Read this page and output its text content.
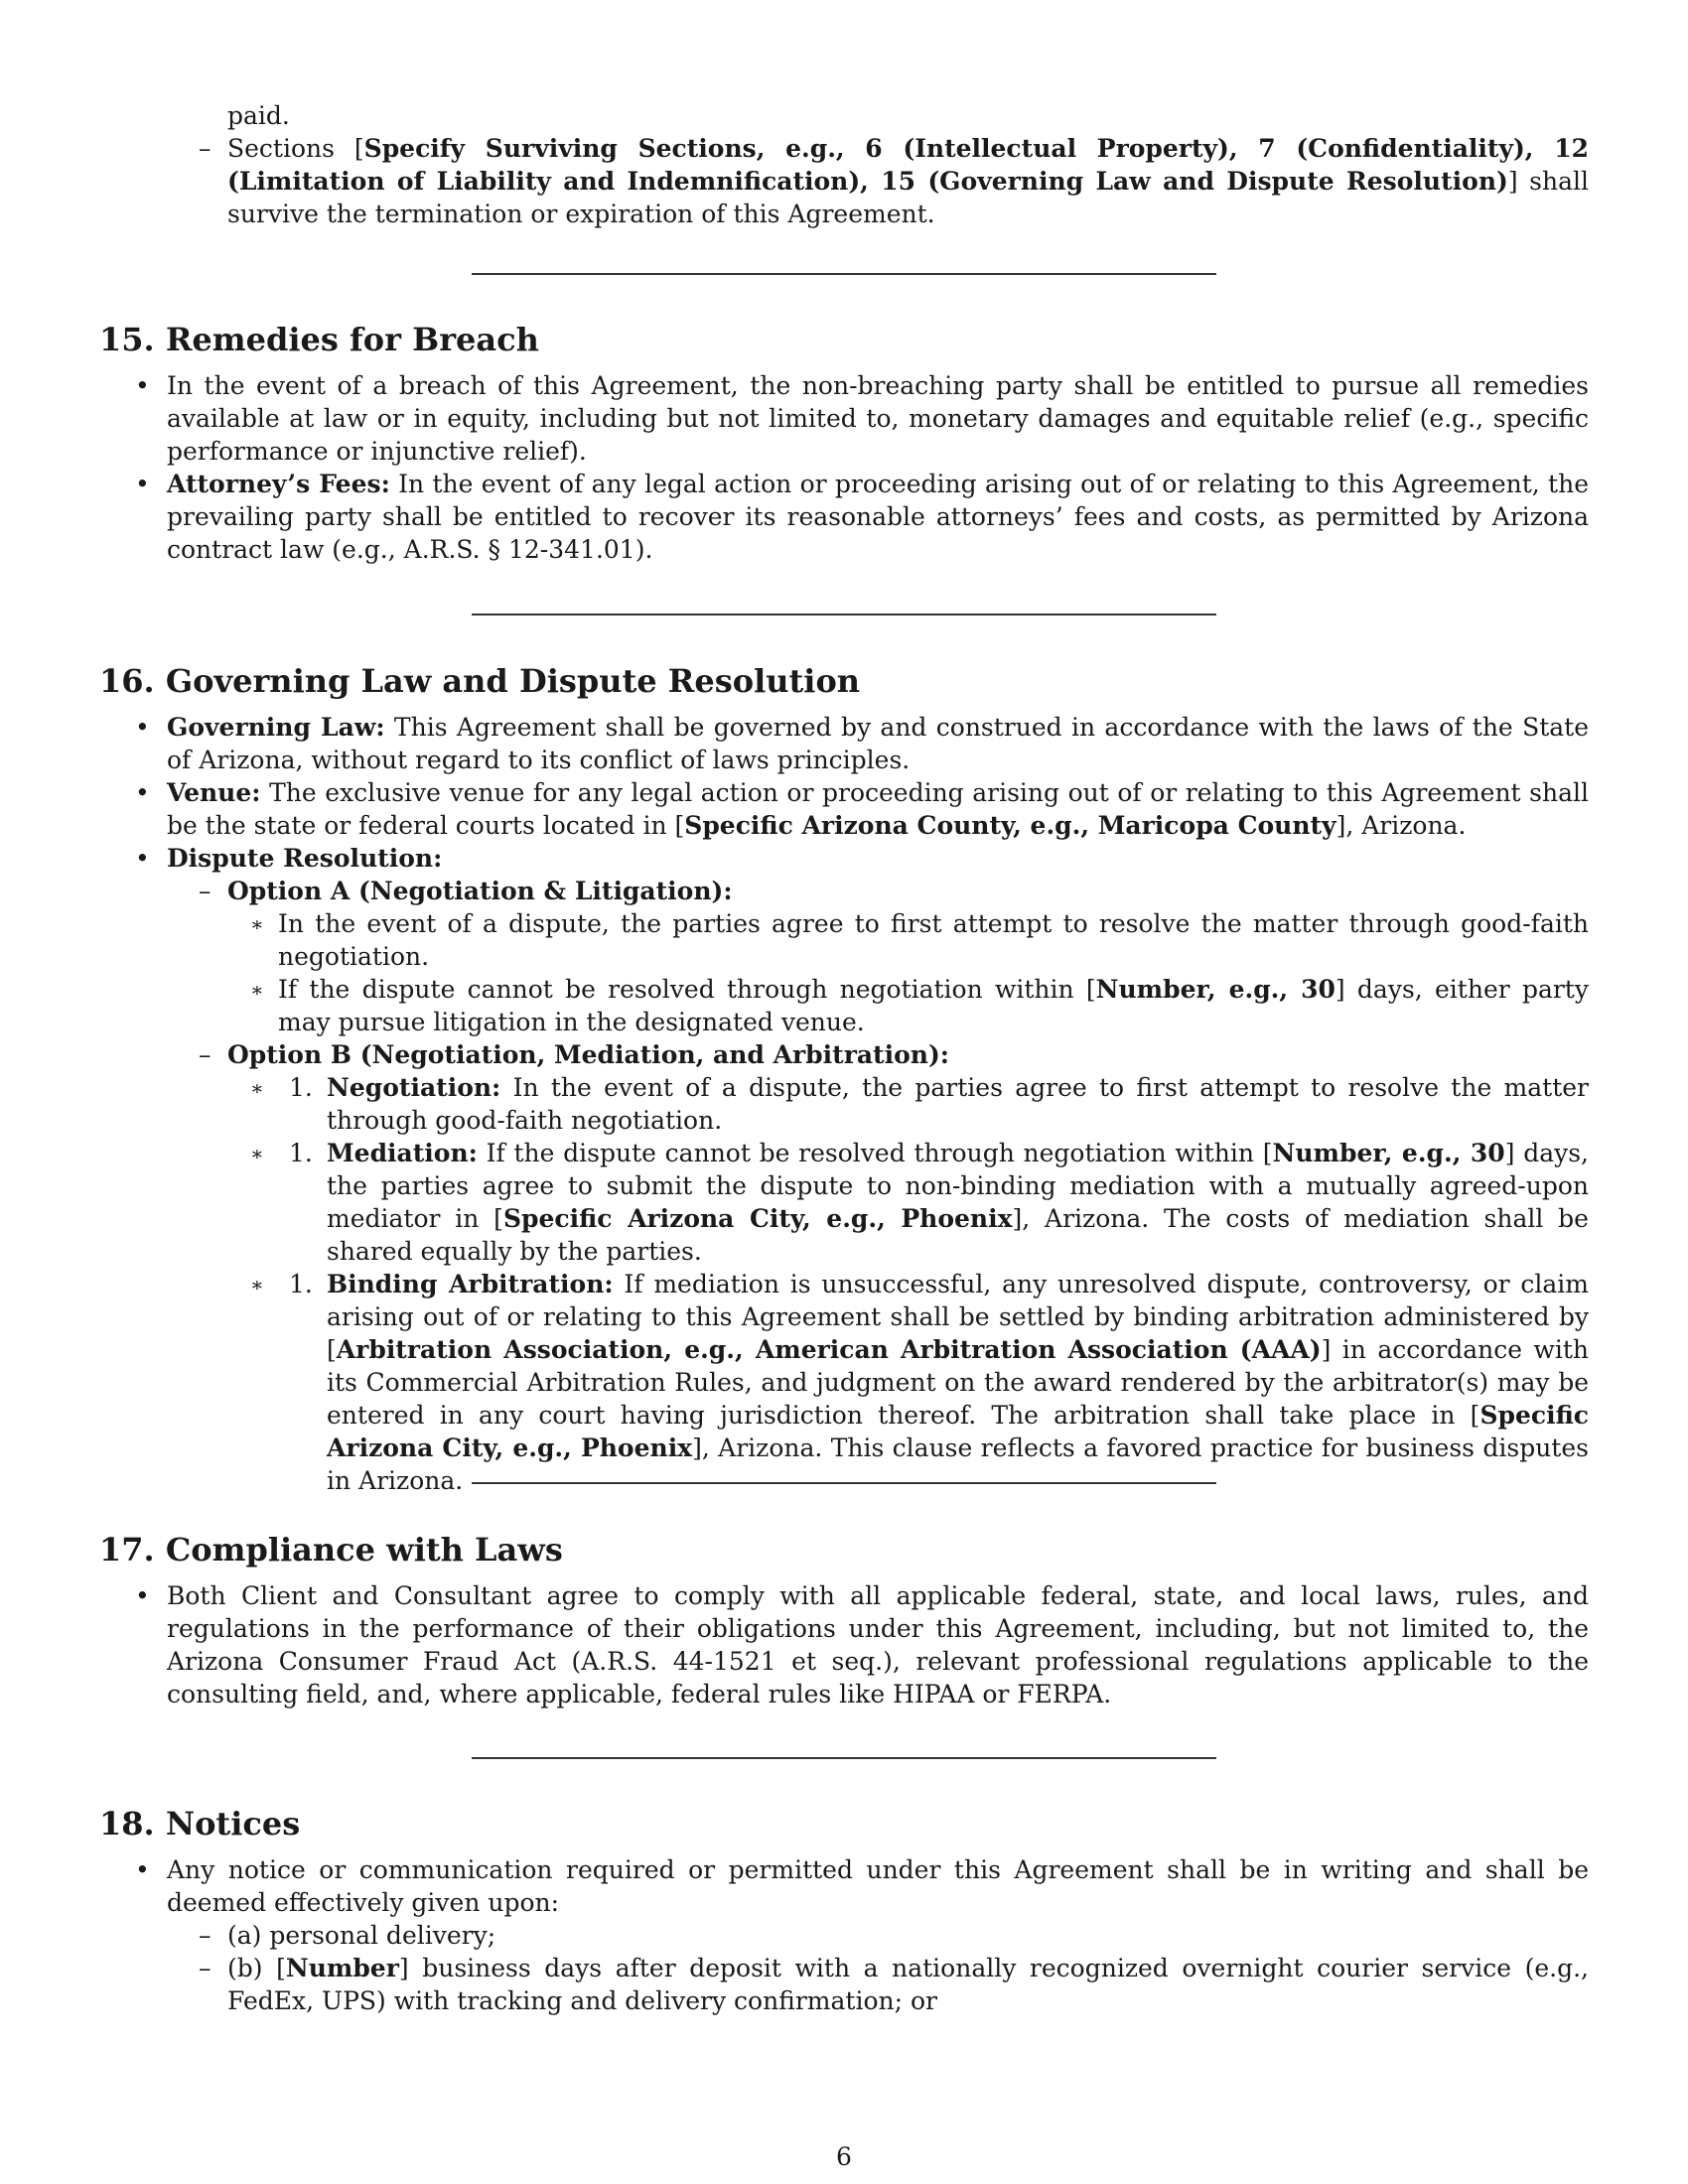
paid.
– Sections [Specify Surviving Sections, e.g., 6 (Intellectual Property), 7 (Confidentiality), 12 (Limitation of Liability and Indemnification), 15 (Governing Law and Dispute Resolution)] shall survive the termination or expiration of this Agreement.
15. Remedies for Breach
• In the event of a breach of this Agreement, the non-breaching party shall be entitled to pursue all remedies available at law or in equity, including but not limited to, monetary damages and equitable relief (e.g., specific performance or injunctive relief).
• Attorney’s Fees: In the event of any legal action or proceeding arising out of or relating to this Agreement, the prevailing party shall be entitled to recover its reasonable attorneys’ fees and costs, as permitted by Arizona contract law (e.g., A.R.S. § 12-341.01).
16. Governing Law and Dispute Resolution
• Governing Law: This Agreement shall be governed by and construed in accordance with the laws of the State of Arizona, without regard to its conflict of laws principles.
• Venue: The exclusive venue for any legal action or proceeding arising out of or relating to this Agreement shall be the state or federal courts located in [Specific Arizona County, e.g., Maricopa County], Arizona.
• Dispute Resolution:
– Option A (Negotiation & Litigation):
∗ In the event of a dispute, the parties agree to first attempt to resolve the matter through good-faith negotiation.
∗ If the dispute cannot be resolved through negotiation within [Number, e.g., 30] days, either party may pursue litigation in the designated venue.
– Option B (Negotiation, Mediation, and Arbitration):
∗ 1. Negotiation: In the event of a dispute, the parties agree to first attempt to resolve the matter through good-faith negotiation.
∗ 1. Mediation: If the dispute cannot be resolved through negotiation within [Number, e.g., 30] days, the parties agree to submit the dispute to non-binding mediation with a mutually agreed-upon mediator in [Specific Arizona City, e.g., Phoenix], Arizona. The costs of mediation shall be shared equally by the parties.
∗ 1. Binding Arbitration: If mediation is unsuccessful, any unresolved dispute, controversy, or claim arising out of or relating to this Agreement shall be settled by binding arbitration administered by [Arbitration Association, e.g., American Arbitration Association (AAA)] in accordance with its Commercial Arbitration Rules, and judgment on the award rendered by the arbitrator(s) may be entered in any court having jurisdiction thereof. The arbitration shall take place in [Specific Arizona City, e.g., Phoenix], Arizona. This clause reflects a favored practice for business disputes in Arizona.
17. Compliance with Laws
• Both Client and Consultant agree to comply with all applicable federal, state, and local laws, rules, and regulations in the performance of their obligations under this Agreement, including, but not limited to, the Arizona Consumer Fraud Act (A.R.S. 44-1521 et seq.), relevant professional regulations applicable to the consulting field, and, where applicable, federal rules like HIPAA or FERPA.
18. Notices
• Any notice or communication required or permitted under this Agreement shall be in writing and shall be deemed effectively given upon:
– (a) personal delivery;
– (b) [Number] business days after deposit with a nationally recognized overnight courier service (e.g., FedEx, UPS) with tracking and delivery confirmation; or
6
